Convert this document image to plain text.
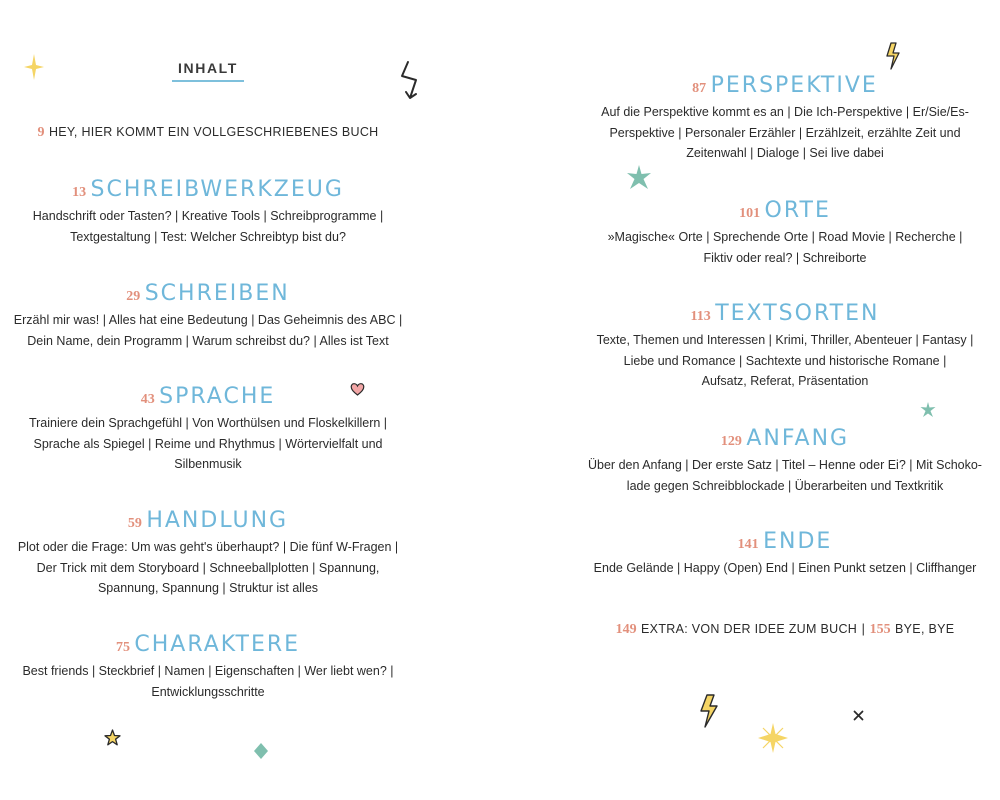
9 HEY, HIER KOMMT EIN VOLLGESCHRIEBENES BUCH
13 SCHREIBWERKZEUG
Handschrift oder Tasten? | Kreative Tools | Schreibprogramme |
Textgestaltung | Test: Welcher Schreibtyp bist du?
29 SCHREIBEN
Erzähl mir was! | Alles hat eine Bedeutung | Das Geheimnis des ABC |
Dein Name, dein Programm | Warum schreibst du? | Alles ist Text
43 SPRACHE
Trainiere dein Sprachgefühl | Von Worthülsen und Floskelkillern |
Sprache als Spiegel | Reime und Rhythmus | Wörtervielfalt und
Silbenmusik
59 HANDLUNG
Plot oder die Frage: Um was geht's überhaupt? | Die fünf W-Fragen |
Der Trick mit dem Storyboard | Schneeballplotten | Spannung,
Spannung, Spannung | Struktur ist alles
75 CHARAKTERE
Best friends | Steckbrief | Namen | Eigenschaften | Wer liebt wen? |
Entwicklungsschritte
INHALT
87 PERSPEKTIVE
Auf die Perspektive kommt es an | Die Ich-Perspektive | Er/Sie/Es-
Perspektive | Personaler Erzähler | Erzählzeit, erzählte Zeit und
Zeitenwahl | Dialoge | Sei live dabei
101 ORTE
»Magische« Orte | Sprechende Orte | Road Movie | Recherche |
Fiktiv oder real? | Schreiborte
113 TEXTSORTEN
Texte, Themen und Interessen | Krimi, Thriller, Abenteuer | Fantasy |
Liebe und Romance | Sachtexte und historische Romane |
Aufsatz, Referat, Präsentation
129 ANFANG
Über den Anfang | Der erste Satz | Titel – Henne oder Ei? | Mit Schoko-
lade gegen Schreibblockade | Überarbeiten und Textkritik
141 ENDE
Ende Gelände | Happy (Open) End | Einen Punkt setzen | Cliffhanger
149 EXTRA: VON DER IDEE ZUM BUCH | 155 BYE, BYE
